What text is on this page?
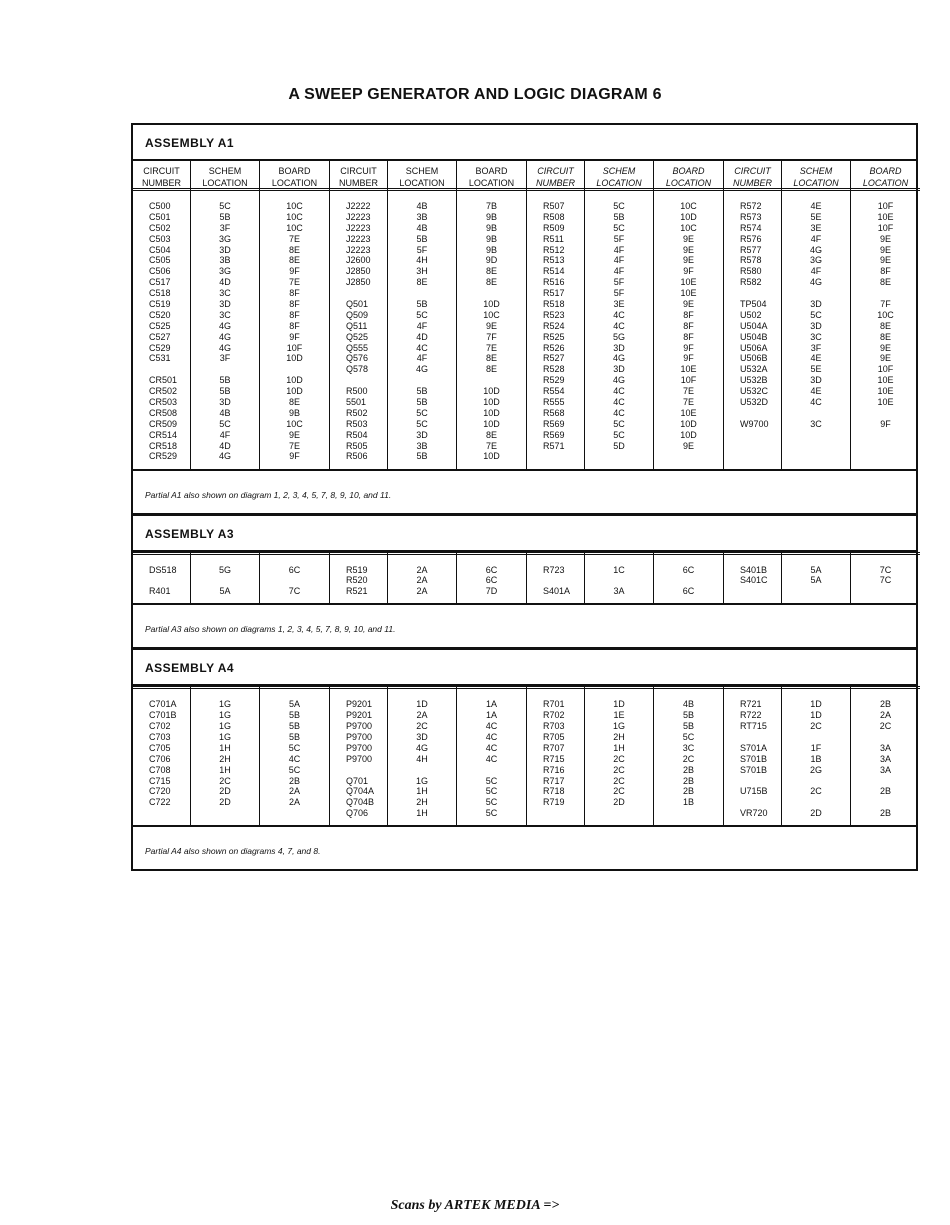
A SWEEP GENERATOR AND LOGIC DIAGRAM 6
ASSEMBLY A1
CIRCUIT
NUMBER
C500
C501
C502
C503
C504
C505
C506
C517
C518
C519
C520
C525
C527
C529
C531
CR501
CR502
CR503
CR508
CR509
CR514
CR518
CR529
SCHEM
LOCATION
5C
5B
3F
3G
3D
3B
3G
4D
3C
3D
3C
4G
4G
4G
3F
5B
5B
3D
4B
5C
4F
4D
4G
BOARD
LOCATION
10C
10C
10C
7E
8E
8E
9F
7E
8F
8F
8F
8F
9F
10F
10D
10D
10D
8E
9B
10C
9E
7E
9F
CIRCUIT
NUMBER
J2222
J2223
J2223
J2223
J2223
J2600
J2850
J2850
Q501
Q509
Q511
Q525
Q555
Q576
Q578
R500
5501
R502
R503
R504
R505
R506
SCHEM
LOCATION
4B
3B
4B
5B
5F
4H
3H
8E
5B
5C
4F
4D
4C
4F
4G
5B
5B
5C
5C
3D
3B
5B
BOARD
LOCATION
7B
9B
9B
9B
9B
9D
8E
8E
10D
10C
9E
7F
7E
8E
8E
10D
10D
10D
10D
8E
7E
10D
CIRCUIT
NUMBER
R507
R508
R509
R511
R512
R513
R514
R516
R517
R518
R523
R524
R525
R526
R527
R528
R529
R554
R555
R568
R569
R569
R571
SCHEM
LOCATION
5C
5B
5C
5F
4F
4F
4F
5F
5F
3E
4C
4C
5G
3D
4G
3D
4G
4C
4C
4C
5C
5C
5D
BOARD
LOCATION
10C
10D
10C
9E
9E
9E
9F
10E
10E
9E
8F
8F
8F
9F
9F
10E
10F
7E
7E
10E
10D
10D
9E
CIRCUIT
NUMBER
R572
R573
R574
R576
R577
R578
R580
R582
TP504
U502
U504A
U504B
U506A
U506B
U532A
U532B
U532C
U532D
W9700
SCHEM
LOCATION
4E
5E
3E
4F
4G
3G
4F
4G
3D
5C
3D
3C
3F
4E
5E
3D
4E
4C
3C
BOARD
LOCATION
10F
10E
10F
9E
9E
9E
8F
8E
7F
10C
8E
8E
9E
9E
10F
10E
10E
10E
9F
Partial A1 also shown on diagram 1, 2, 3, 4, 5, 7, 8, 9, 10, and 11.
ASSEMBLY A3
DS518
R401
5G
5A
6C
7C
R519
R520
R521
2A
2A
2A
6C
6C
7D
R723
S401A
1C
3A
6C
6C
S401B
S401C
5A
5A
7C
7C
Partial A3 also shown on diagrams 1, 2, 3, 4, 5, 7, 8, 9, 10, and 11.
ASSEMBLY A4
C701A
C701B
C702
C703
C705
C706
C708
C715
C720
C722
1G
1G
1G
1G
1H
2H
1H
2C
2D
2D
5A
5B
5B
5B
5C
4C
5C
2B
2A
2A
P9201
P9201
P9700
P9700
P9700
P9700
Q701
Q704A
Q704B
Q706
1D
2A
2C
3D
4G
4H
1G
1H
2H
1H
1A
1A
4C
4C
4C
4C
5C
5C
5C
5C
R701
R702
R703
R705
R707
R715
R716
R717
R718
R719
1D
1E
1G
2H
1H
2C
2C
2C
2C
2D
4B
5B
5B
5C
3C
2C
2B
2B
2B
1B
R721
R722
RT715
S701A
S701B
S701B
U715B
VR720
1D
1D
2C
1F
1B
2G
2C
2D
2B
2A
2C
3A
3A
3A
2B
2B
Partial A4 also shown on diagrams 4, 7, and 8.
Scans by ARTEK MEDIA =>
